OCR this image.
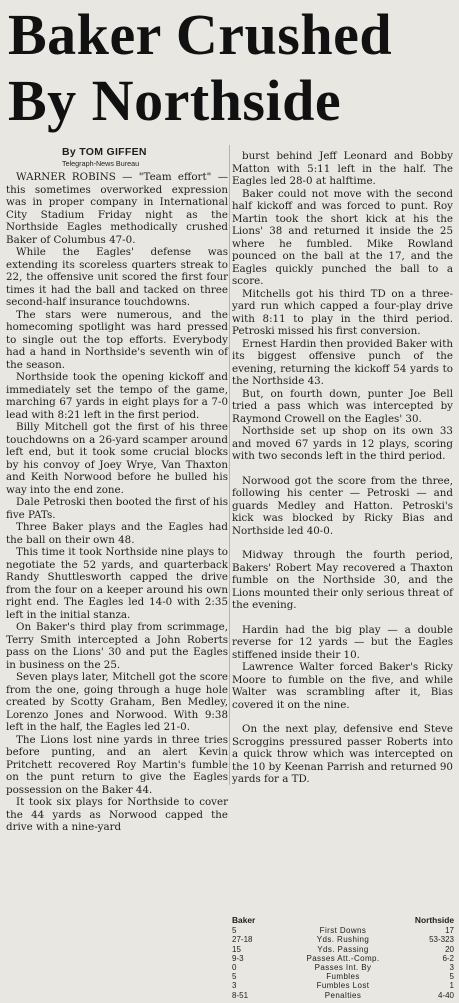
Baker Crushed
By Northside
By TOM GIFFEN
Telegraph-News Bureau

WARNER ROBINS — "Team effort" — this sometimes overworked expression was in proper company in International City Stadium Friday night as the Northside Eagles methodically crushed Baker of Columbus 47-0.

While the Eagles' defense was extending its scoreless quarters streak to 22, the offensive unit scored the first four times it had the ball and tacked on three second-half insurance touchdowns.

The stars were numerous, and the homecoming spotlight was hard pressed to single out the top efforts. Everybody had a hand in Northside's seventh win of the season.

Northside took the opening kickoff and immediately set the tempo of the game, marching 67 yards in eight plays for a 7-0 lead with 8:21 left in the first period.

Billy Mitchell got the first of his three touchdowns on a 26-yard scamper around left end, but it took some crucial blocks by his convoy of Joey Wrye, Van Thaxton and Keith Norwood before he bulled his way into the end zone.

Dale Petroski then booted the first of his five PATs.

Three Baker plays and the Eagles had the ball on their own 48.

This time it took Northside nine plays to negotiate the 52 yards, and quarterback Randy Shuttlesworth capped the drive from the four on a keeper around his own right end. The Eagles led 14-0 with 2:35 left in the initial stanza.

On Baker's third play from scrimmage, Terry Smith intercepted a John Roberts pass on the Lions' 30 and put the Eagles in business on the 25.

Seven plays later, Mitchell got the score from the one, going through a huge hole created by Scotty Graham, Ben Medley, Lorenzo Jones and Norwood. With 9:38 left in the half, the Eagles led 21-0.

The Lions lost nine yards in three tries before punting, and an alert Kevin Pritchett recovered Roy Martin's fumble on the punt return to give the Eagles possession on the Baker 44.

It took six plays for Northside to cover the 44 yards as Norwood capped the drive with a nine-yard

burst behind Jeff Leonard and Bobby Matton with 5:11 left in the half. The Eagles led 28-0 at halftime.

Baker could not move with the second half kickoff and was forced to punt. Roy Martin took the short kick at his the Lions' 38 and returned it inside the 25 where he fumbled. Mike Rowland pounced on the ball at the 17, and the Eagles quickly punched the ball to a score.

Mitchells got his third TD on a three-yard run which capped a four-play drive with 8:11 to play in the third period. Petroski missed his first conversion.

Ernest Hardin then provided Baker with its biggest offensive punch of the evening, returning the kickoff 54 yards to the Northside 43.

But, on fourth down, punter Joe Bell tried a pass which was intercepted by Raymond Crowell on the Eagles' 30.

Northside set up shop on its own 33 and moved 67 yards in 12 plays, scoring with two seconds left in the third period.

Norwood got the score from the three, following his center — Petroski — and guards Medley and Hatton. Petroski's kick was blocked by Ricky Bias and Northside led 40-0.

Midway through the fourth period, Bakers' Robert May recovered a Thaxton fumble on the Northside 30, and the Lions mounted their only serious threat of the evening.

Hardin had the big play — a double reverse for 12 yards — but the Eagles stiffened inside their 10.

Lawrence Walter forced Baker's Ricky Moore to fumble on the five, and while Walter was scrambling after it, Bias covered it on the nine.

On the next play, defensive end Steve Scroggins pressured passer Roberts into a quick throw which was intercepted on the 10 by Keenan Parrish and returned 90 yards for a TD.

Baker	Northside
5	First Downs	17
27-18	Yds. Rushing	53-323
15	Yds. Passing	20
9-3	Passes Att.-Comp.	6-2
0	Passes Int. By	3
5	Fumbles	5
3	Fumbles Lost	1
8-51	Penalties	4-40
